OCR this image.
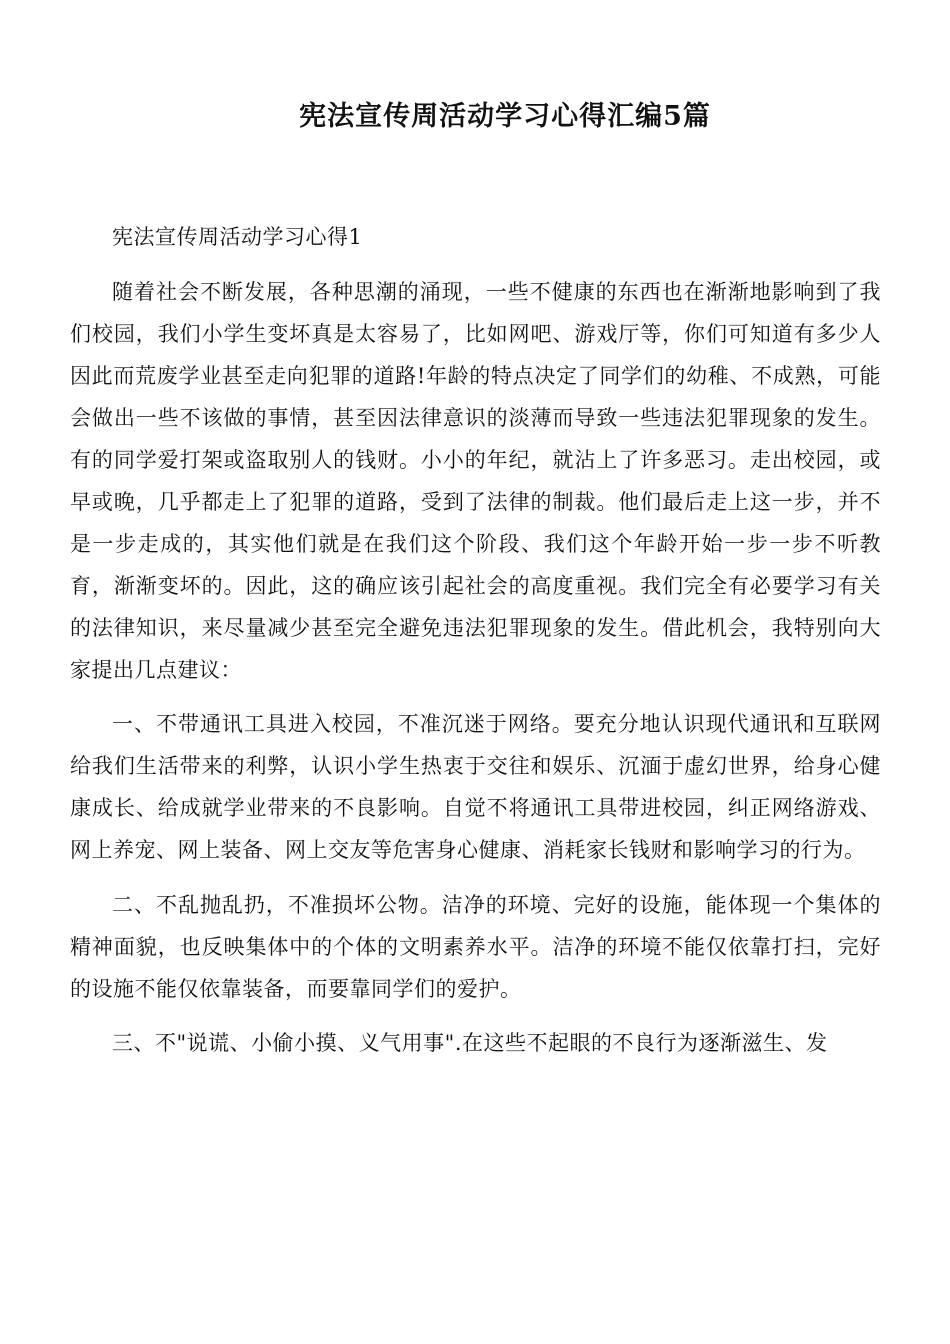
宪法宣传周活动学习心得汇编5篇

宪法宣传周活动学习心得1

随着社会不断发展，各种思潮的涌现，一些不健康的东西也在渐渐地影响到了我们校园，我们小学生变坏真是太容易了，比如网吧、游戏厅等，你们可知道有多少人因此而荒废学业甚至走向犯罪的道路!年龄的特点决定了同学们的幼稚、不成熟，可能会做出一些不该做的事情，甚至因法律意识的淡薄而导致一些违法犯罪现象的发生。有的同学爱打架或盗取别人的钱财。小小的年纪，就沾上了许多恶习。走出校园，或早或晚，几乎都走上了犯罪的道路，受到了法律的制裁。他们最后走上这一步，并不是一步走成的，其实他们就是在我们这个阶段、我们这个年龄开始一步一步不听教育，渐渐变坏的。因此，这的确应该引起社会的高度重视。我们完全有必要学习有关的法律知识，来尽量减少甚至完全避免违法犯罪现象的发生。借此机会，我特别向大家提出几点建议：

一、不带通讯工具进入校园，不准沉迷于网络。要充分地认识现代通讯和互联网给我们生活带来的利弊，认识小学生热衷于交往和娱乐、沉湎于虚幻世界，给身心健康成长、给成就学业带来的不良影响。自觉不将通讯工具带进校园，纠正网络游戏、网上养宠、网上装备、网上交友等危害身心健康、消耗家长钱财和影响学习的行为。

二、不乱抛乱扔，不准损坏公物。洁净的环境、完好的设施，能体现一个集体的精神面貌，也反映集体中的个体的文明素养水平。洁净的环境不能仅依靠打扫，完好的设施不能仅依靠装备，而要靠同学们的爱护。

三、不"说谎、小偷小摸、义气用事".在这些不起眼的不良行为逐渐滋生、发
